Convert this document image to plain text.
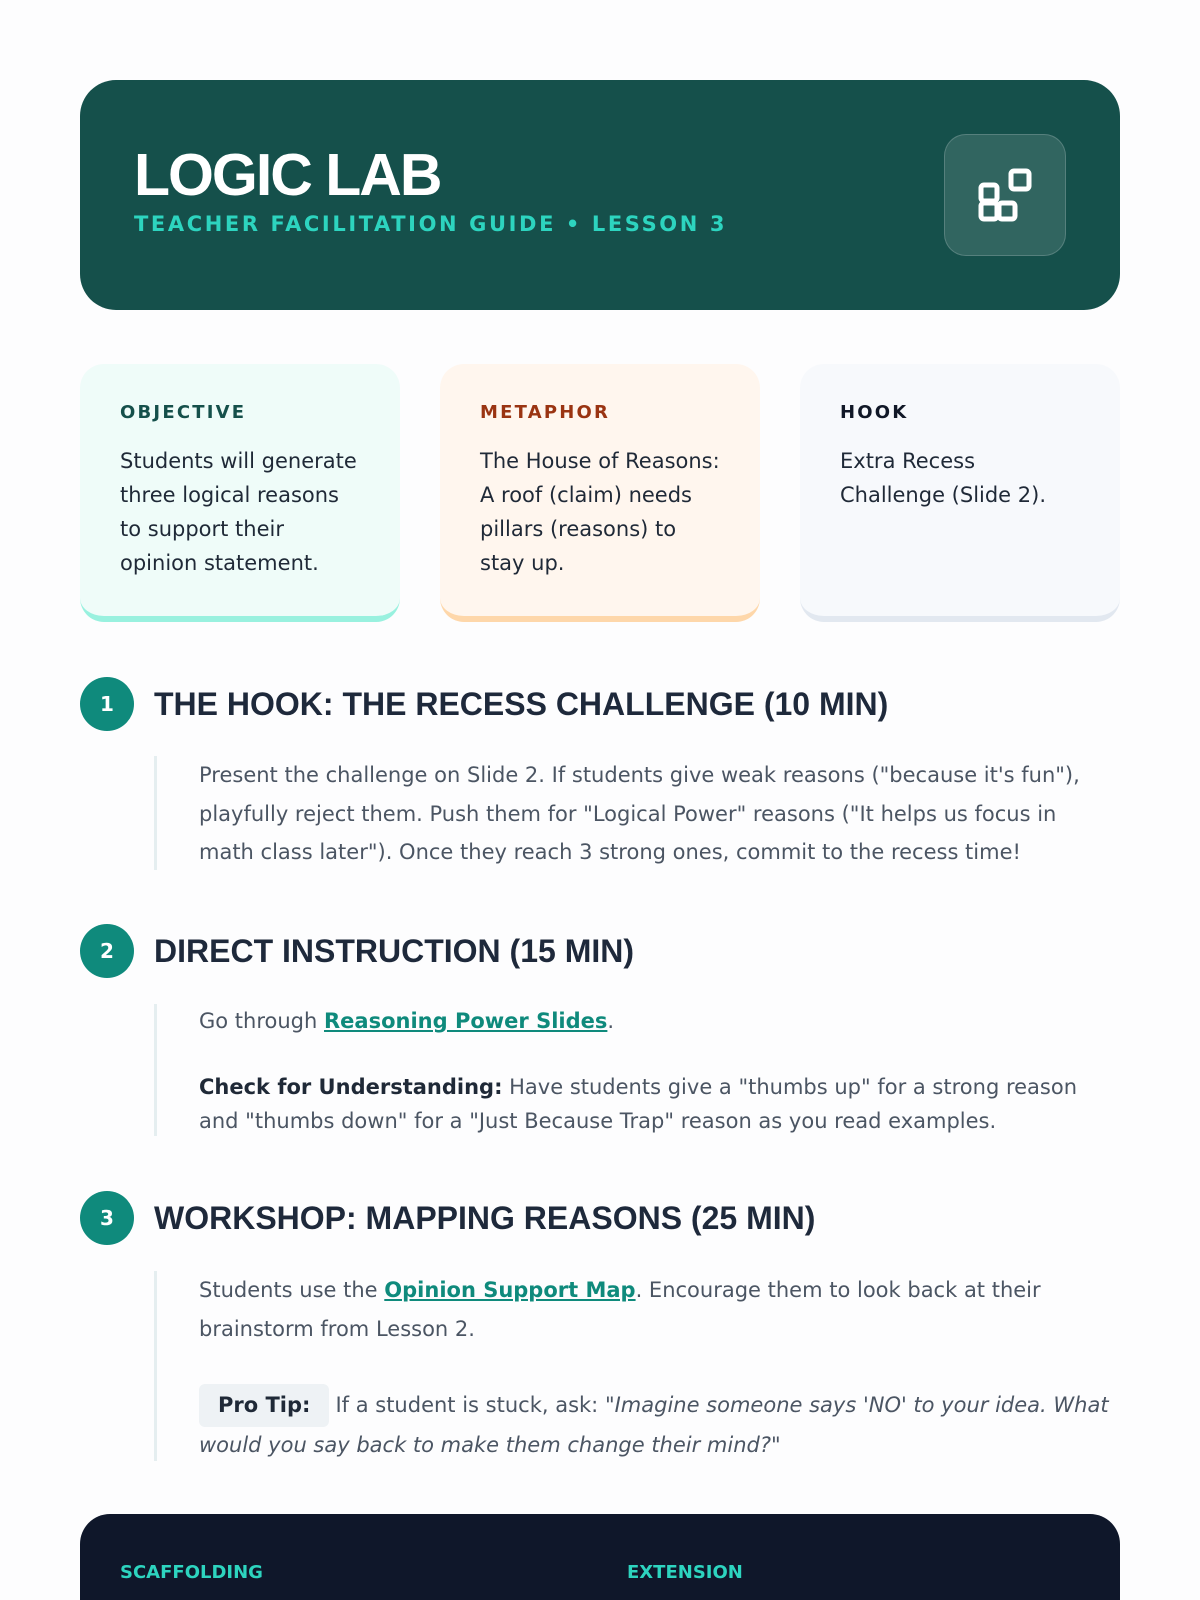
LOGIC LAB
TEACHER FACILITATION GUIDE • LESSON 3
OBJECTIVE
Students will generate three logical reasons to support their opinion statement.
METAPHOR
The House of Reasons: A roof (claim) needs pillars (reasons) to stay up.
HOOK
Extra Recess Challenge (Slide 2).
1	THE HOOK: THE RECESS CHALLENGE (10 MIN)

Present the challenge on Slide 2. If students give weak reasons ("because it's fun"), playfully reject them. Push them for "Logical Power" reasons ("It helps us focus in math class later"). Once they reach 3 strong ones, commit to the recess time!

2	DIRECT INSTRUCTION (15 MIN)

Go through Reasoning Power Slides.

Check for Understanding: Have students give a "thumbs up" for a strong reason and "thumbs down" for a "Just Because Trap" reason as you read examples.

3	WORKSHOP: MAPPING REASONS (25 MIN)

Students use the Opinion Support Map. Encourage them to look back at their brainstorm from Lesson 2.

Pro Tip: If a student is stuck, ask: "Imagine someone says 'NO' to your idea. What would you say back to make them change their mind?"

SCAFFOLDING	EXTENSION
